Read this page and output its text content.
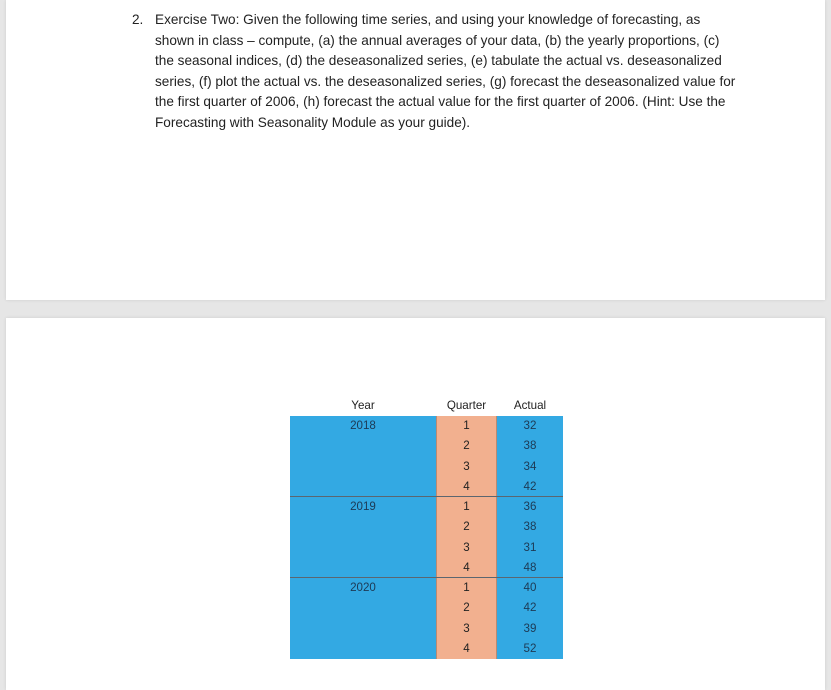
2. Exercise Two: Given the following time series, and using your knowledge of forecasting, as shown in class – compute, (a) the annual averages of your data, (b) the yearly proportions, (c) the seasonal indices, (d) the deseasonalized series, (e) tabulate the actual vs. deseasonalized series, (f) plot the actual vs. the deseasonalized series, (g) forecast the deseasonalized value for the first quarter of 2006, (h) forecast the actual value for the first quarter of 2006. (Hint: Use the Forecasting with Seasonality Module as your guide).
Year	Quarter	Actual
2018	1	32
2	38
3	34
4	42
2019	1	36
2	38
3	31
4	48
2020	1	40
2	42
3	39
4	52
